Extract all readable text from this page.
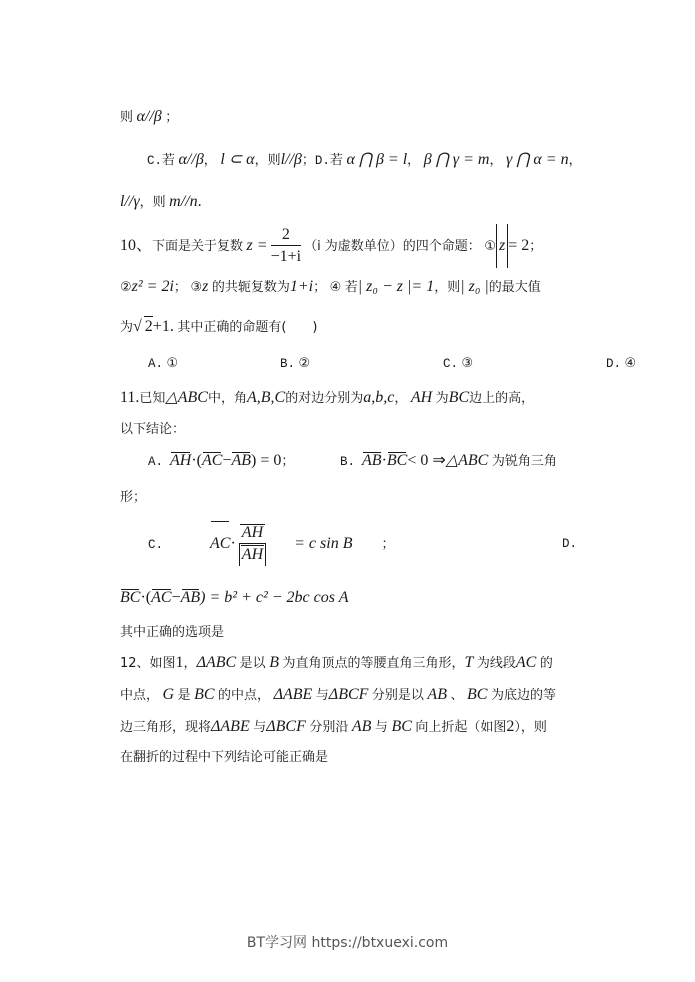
则 α//β ；
C.若 α//β， l ⊂ α，则l//β；D.若 α ⋂ β = l， β ⋂ γ = m， γ ⋂ α = n，
l//γ，则 m//n.
10、下面是关于复数 $z = \frac{2}{-1+i} (i$ 为虚数单位）的四个命题： ① z = 2；
②z² = 2i； ③z 的共轭复数为1+i； ④ 若| z₀ − z |= 1，则| z₀ |的最大值
为√ 2+1. 其中正确的命题有(　　)
A. ①	B. ②	C. ③	D. ④
11.已知△ABC中，角A,B,C的对边分别为a,b,c， AH 为BC边上的高，
以下结论：
A. AH·(AC−AB) = 0；	B. AB·BC< 0 ⇒△ABC 为锐角三角
形；
C.	$AC\cdot \frac{AH}{AH} = c$ sin B ；	D.
BC·(AC−AB) = b² + c² − 2bc cos A
其中正确的选项是
12、如图1，ΔABC 是以 B 为直角顶点的等腰直角三角形，T 为线段AC 的
中点， G 是 BC 的中点， ΔABE 与ΔBCF 分别是以 AB 、 BC 为底边的等
边三角形，现将ΔABE 与ΔBCF 分别沿 AB 与 BC 向上折起（如图2），则
在翻折的过程中下列结论可能正确是
BT学习网 https://btxuexi.com
